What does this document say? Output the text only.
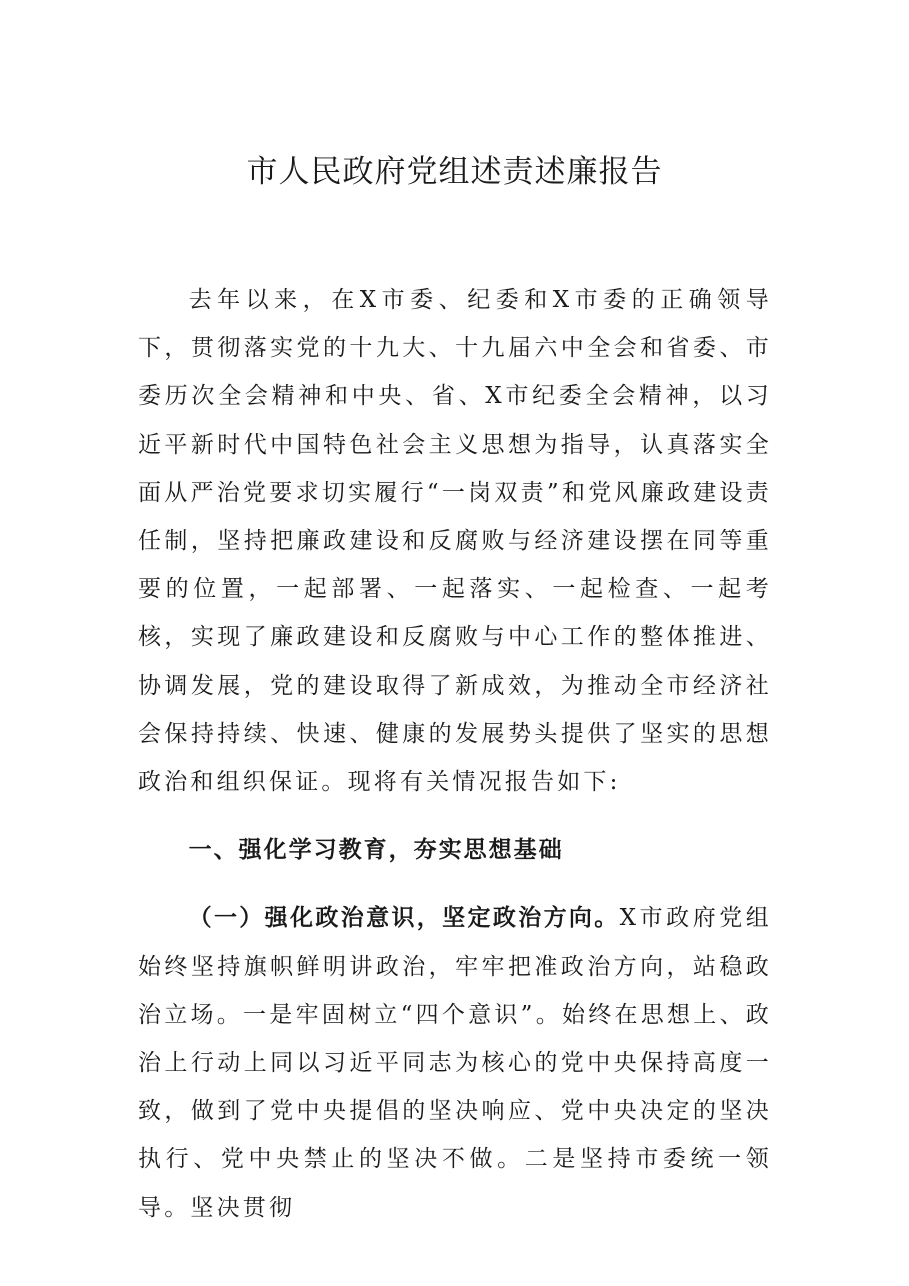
市人民政府党组述责述廉报告

去年以来，在X市委、纪委和X市委的正确领导下，贯彻落实党的十九大、十九届六中全会和省委、市委历次全会精神和中央、省、X市纪委全会精神，以习近平新时代中国特色社会主义思想为指导，认真落实全面从严治党要求切实履行“一岗双责”和党风廉政建设责任制，坚持把廉政建设和反腐败与经济建设摆在同等重要的位置，一起部署、一起落实、一起检查、一起考核，实现了廉政建设和反腐败与中心工作的整体推进、协调发展，党的建设取得了新成效，为推动全市经济社会保持持续、快速、健康的发展势头提供了坚实的思想政治和组织保证。现将有关情况报告如下:

一、强化学习教育，夯实思想基础

（一）强化政治意识，坚定政治方向。X市政府党组始终坚持旗帜鲜明讲政治，牢牢把准政治方向，站稳政治立场。一是牢固树立“四个意识”。始终在思想上、政治上行动上同以习近平同志为核心的党中央保持高度一致，做到了党中央提倡的坚决响应、党中央决定的坚决执行、党中央禁止的坚决不做。二是坚持市委统一领导。坚决贯彻
